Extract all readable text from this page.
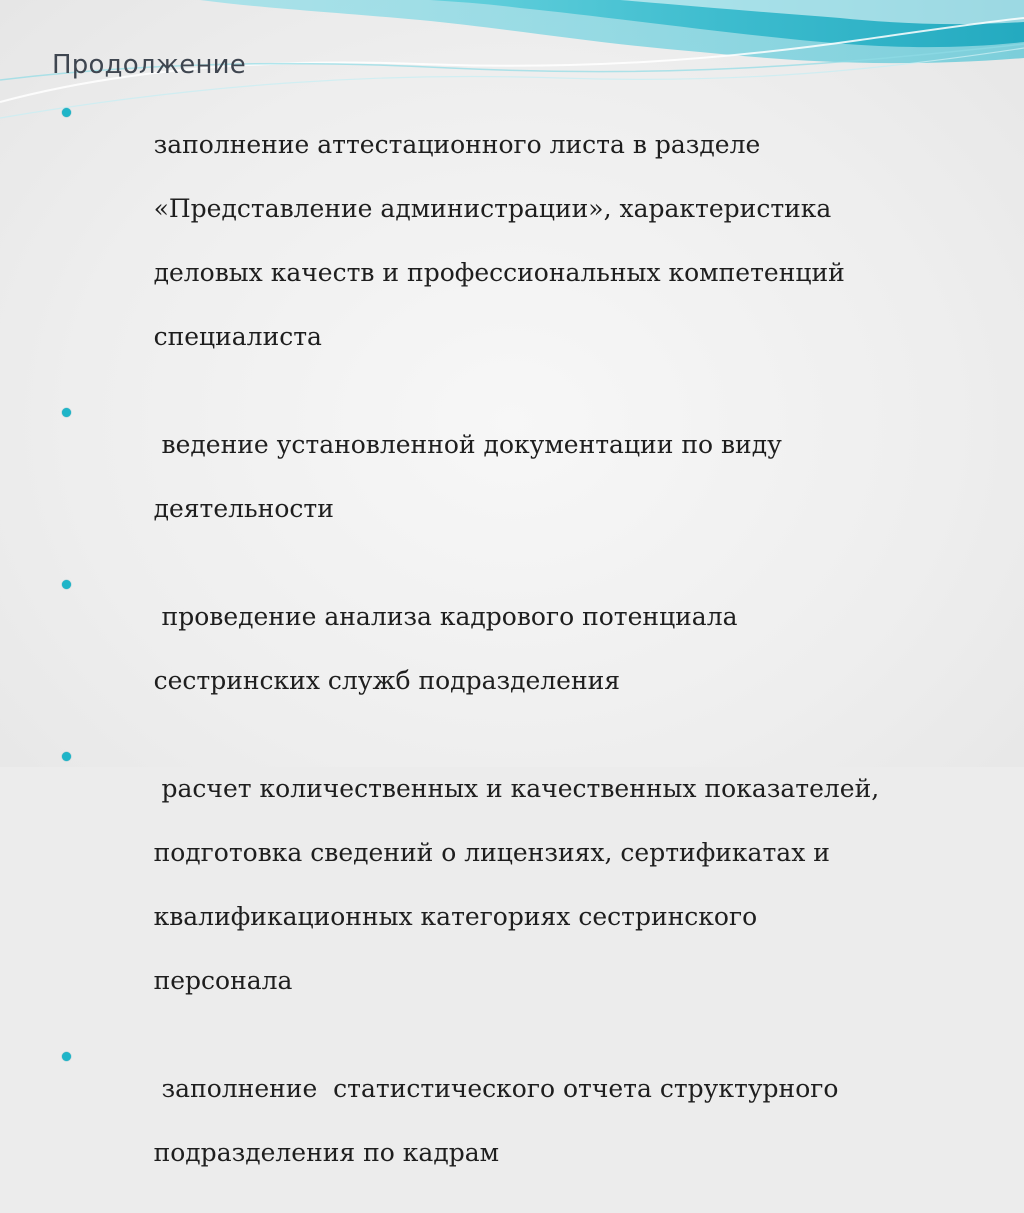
Продолжение

заполнение аттестационного листа в разделе

«Представление администрации», характеристика

деловых качеств и профессиональных компетенций

специалиста

ведение установленной документации по виду

деятельности

проведение анализа кадрового потенциала

сестринских служб подразделения

расчет количественных и качественных показателей,

подготовка сведений о лицензиях, сертификатах и

квалификационных категориях сестринского

персонала

заполнение  статистического отчета структурного

подразделения по кадрам
